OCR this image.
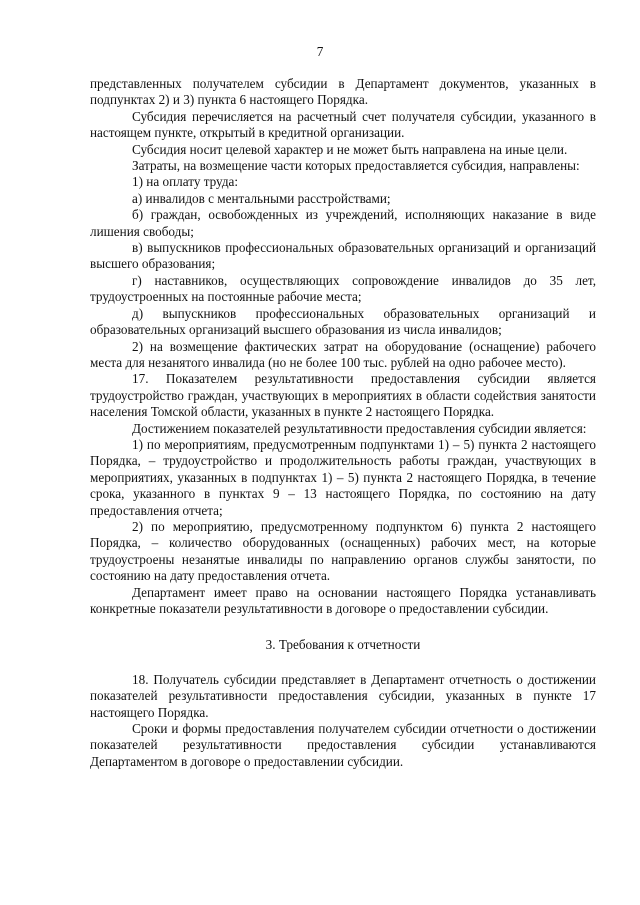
7

представленных получателем субсидии в Департамент документов, указанных в подпунктах 2) и 3) пункта 6 настоящего Порядка.

Субсидия перечисляется на расчетный счет получателя субсидии, указанного в настоящем пункте, открытый в кредитной организации.

Субсидия носит целевой характер и не может быть направлена на иные цели.

Затраты, на возмещение части которых предоставляется субсидия, направлены:

1) на оплату труда:

а) инвалидов с ментальными расстройствами;

б) граждан, освобожденных из учреждений, исполняющих наказание в виде лишения свободы;

в) выпускников профессиональных образовательных организаций и организаций высшего образования;

г) наставников, осуществляющих сопровождение инвалидов до 35 лет, трудоустроенных на постоянные рабочие места;

д) выпускников профессиональных образовательных организаций и образовательных организаций высшего образования из числа инвалидов;

2) на возмещение фактических затрат на оборудование (оснащение) рабочего места для незанятого инвалида (но не более 100 тыс. рублей на одно рабочее место).

17. Показателем результативности предоставления субсидии является трудоустройство граждан, участвующих в мероприятиях в области содействия занятости населения Томской области, указанных в пункте 2 настоящего Порядка.

Достижением показателей результативности предоставления субсидии является:

1) по мероприятиям, предусмотренным подпунктами 1) – 5) пункта 2 настоящего Порядка, – трудоустройство и продолжительность работы граждан, участвующих в мероприятиях, указанных в подпунктах 1) – 5) пункта 2 настоящего Порядка, в течение срока, указанного в пунктах 9 – 13 настоящего Порядка, по состоянию на дату предоставления отчета;

2) по мероприятию, предусмотренному подпунктом 6) пункта 2 настоящего Порядка, – количество оборудованных (оснащенных) рабочих мест, на которые трудоустроены незанятые инвалиды по направлению органов службы занятости, по состоянию на дату предоставления отчета.

Департамент имеет право на основании настоящего Порядка устанавливать конкретные показатели результативности в договоре о предоставлении субсидии.

3. Требования к отчетности

18. Получатель субсидии представляет в Департамент отчетность о достижении показателей результативности предоставления субсидии, указанных в пункте 17 настоящего Порядка.

Сроки и формы предоставления получателем субсидии отчетности о достижении показателей результативности предоставления субсидии устанавливаются Департаментом в договоре о предоставлении субсидии.
